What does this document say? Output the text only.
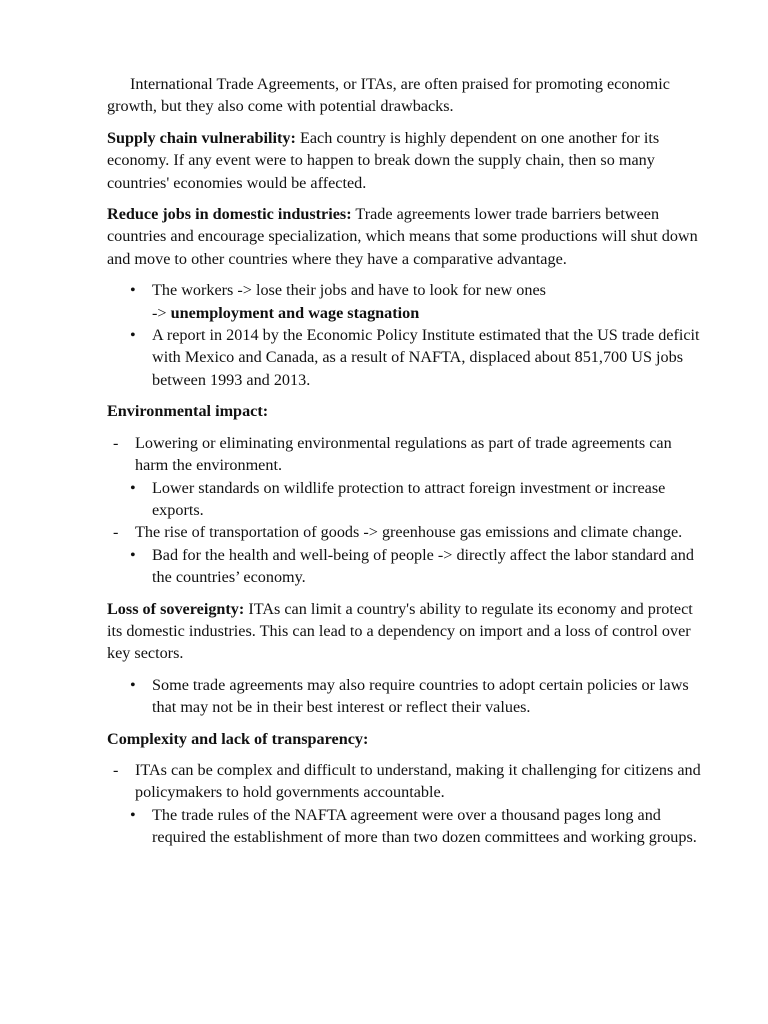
International Trade Agreements, or ITAs, are often praised for promoting economic growth, but they also come with potential drawbacks.

Supply chain vulnerability: Each country is highly dependent on one another for its economy. If any event were to happen to break down the supply chain, then so many countries' economies would be affected.

Reduce jobs in domestic industries: Trade agreements lower trade barriers between countries and encourage specialization, which means that some productions will shut down and move to other countries where they have a comparative advantage.

• The workers -> lose their jobs and have to look for new ones
-> unemployment and wage stagnation
• A report in 2014 by the Economic Policy Institute estimated that the US trade deficit with Mexico and Canada, as a result of NAFTA, displaced about 851,700 US jobs between 1993 and 2013.

Environmental impact:

- Lowering or eliminating environmental regulations as part of trade agreements can harm the environment.
• Lower standards on wildlife protection to attract foreign investment or increase exports.
- The rise of transportation of goods -> greenhouse gas emissions and climate change.
• Bad for the health and well-being of people -> directly affect the labor standard and the countries’ economy.

Loss of sovereignty: ITAs can limit a country's ability to regulate its economy and protect its domestic industries. This can lead to a dependency on import and a loss of control over key sectors.

• Some trade agreements may also require countries to adopt certain policies or laws that may not be in their best interest or reflect their values.

Complexity and lack of transparency:

- ITAs can be complex and difficult to understand, making it challenging for citizens and policymakers to hold governments accountable.
• The trade rules of the NAFTA agreement were over a thousand pages long and required the establishment of more than two dozen committees and working groups.
